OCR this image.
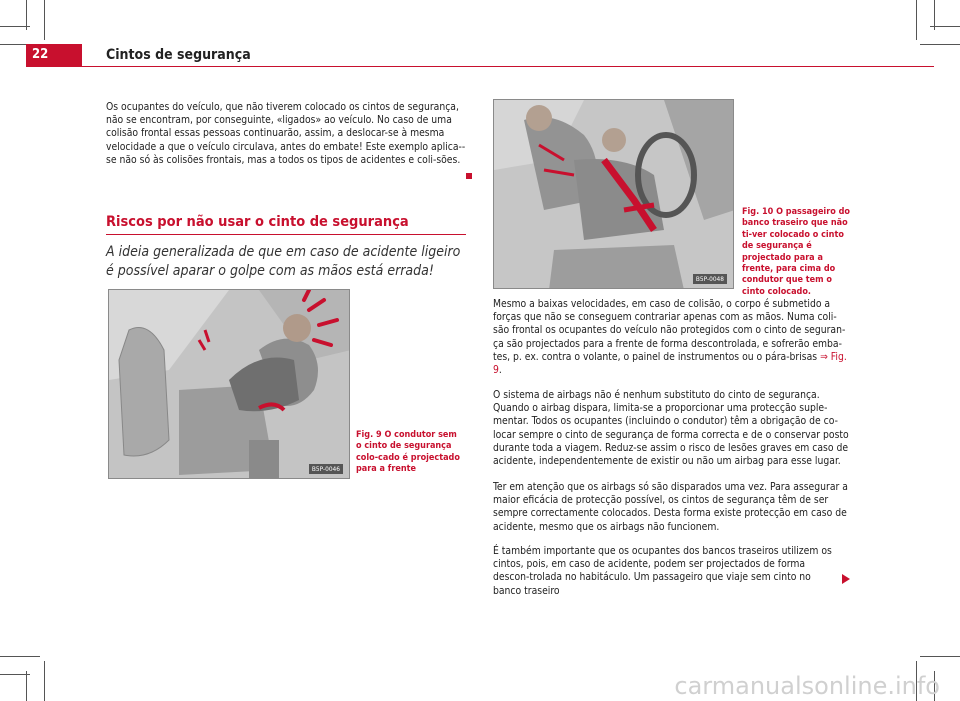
22	Cintos de segurança

Os ocupantes do veículo, que não tiverem colocado os cintos de segurança, não se encontram, por conseguinte, «ligados» ao veículo. No caso de uma colisão frontal essas pessoas continuarão, assim, a deslocar-se à mesma velocidade a que o veículo circulava, antes do embate! Este exemplo aplica--se não só às colisões frontais, mas a todos os tipos de acidentes e coli-sões.

Riscos por não usar o cinto de segurança

A ideia generalizada de que em caso de acidente ligeiro é possível aparar o golpe com as mãos está errada!

B5P-0046

Fig. 9 O condutor sem o cinto de segurança colo-cado é projectado para a frente

B5P-0048

Fig. 10 O passageiro do banco traseiro que não ti-ver colocado o cinto de segurança é projectado para a frente, para cima do condutor que tem o cinto colocado.

Mesmo a baixas velocidades, em caso de colisão, o corpo é submetido a forças que não se conseguem contrariar apenas com as mãos. Numa coli-são frontal os ocupantes do veículo não protegidos com o cinto de seguran-ça são projectados para a frente de forma descontrolada, e sofrerão emba-tes, p. ex. contra o volante, o painel de instrumentos ou o pára-brisas ⇒ Fig. 9.

O sistema de airbags não é nenhum substituto do cinto de segurança. Quando o airbag dispara, limita-se a proporcionar uma protecção suple-mentar. Todos os ocupantes (incluindo o condutor) têm a obrigação de co-locar sempre o cinto de segurança de forma correcta e de o conservar posto durante toda a viagem. Reduz-se assim o risco de lesões graves em caso de acidente, independentemente de existir ou não um airbag para esse lugar.

Ter em atenção que os airbags só são disparados uma vez. Para assegurar a maior eficácia de protecção possível, os cintos de segurança têm de ser sempre correctamente colocados. Desta forma existe protecção em caso de acidente, mesmo que os airbags não funcionem.

É também importante que os ocupantes dos bancos traseiros utilizem os cintos, pois, em caso de acidente, podem ser projectados de forma descon-trolada no habitáculo. Um passageiro que viaje sem cinto no banco traseiro

carmanualsonline.info
